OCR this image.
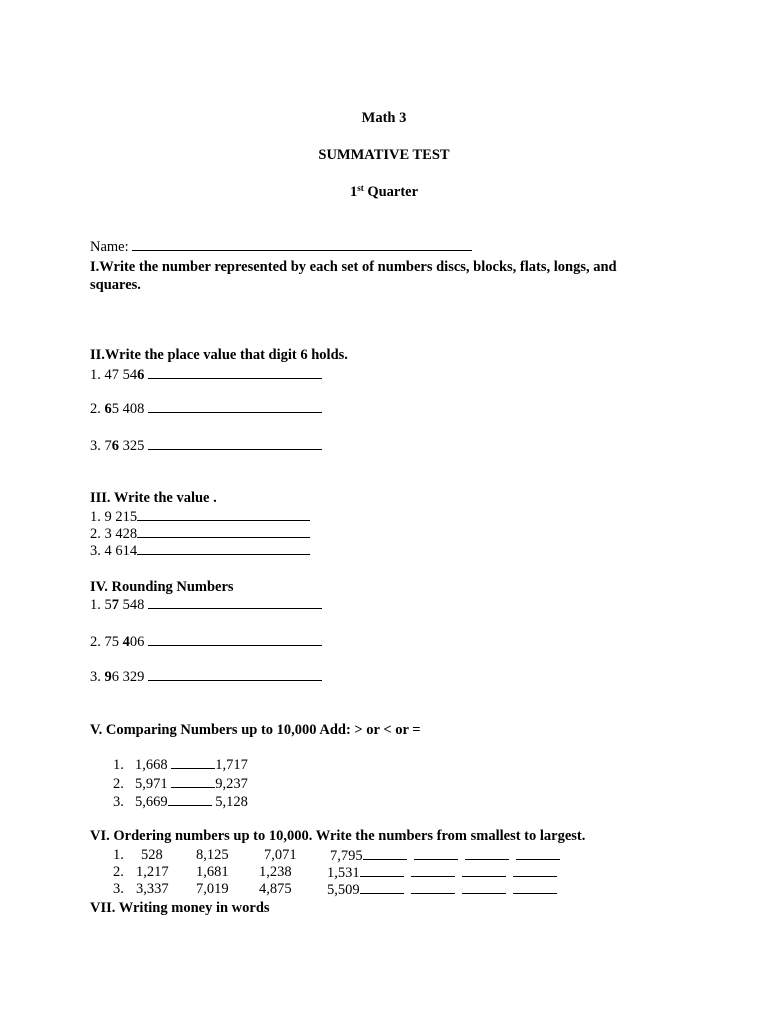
Math 3
SUMMATIVE TEST
1st Quarter
Name:
I.Write the number represented by each set of numbers discs, blocks, flats, longs, and squares.
II.Write the place value that digit 6 holds.
1. 47 546
2. 65 408
3. 76 325
III. Write the value .
1. 9 215
2. 3 428
3. 4 614
IV. Rounding Numbers
1. 57 548
2. 75 406
3. 96 329
V. Comparing Numbers up to 10,000 Add: > or < or =
1. 1,668	1,717
2. 5,971	9,237
3. 5,669	5,128
VI. Ordering numbers up to 10,000. Write the numbers from smallest to largest.
1.	528 8,125 7,071 7,795
2. 1,217 1,681 1,238 1,531
3. 3,337 7,019 4,875 5,509
VII. Writing money in words
